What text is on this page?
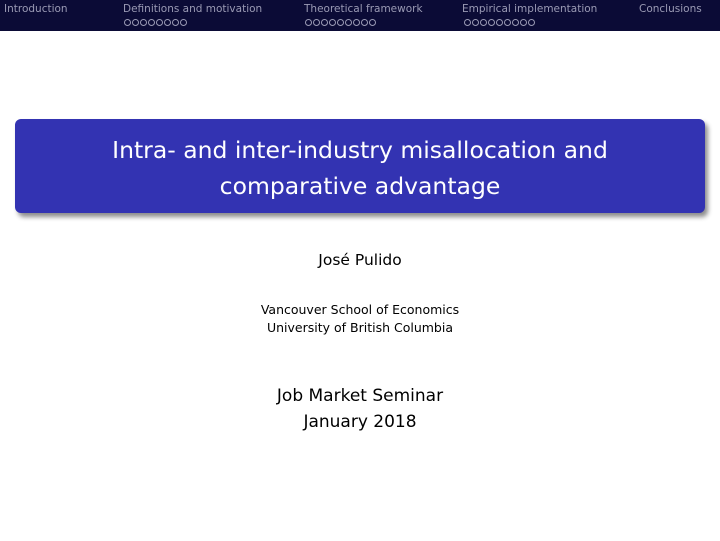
Introduction	Definitions and motivation	Theoretical framework	Empirical implementation	Conclusions
Intra- and inter-industry misallocation and
comparative advantage
José Pulido
Vancouver School of Economics
University of British Columbia
Job Market Seminar
January 2018
